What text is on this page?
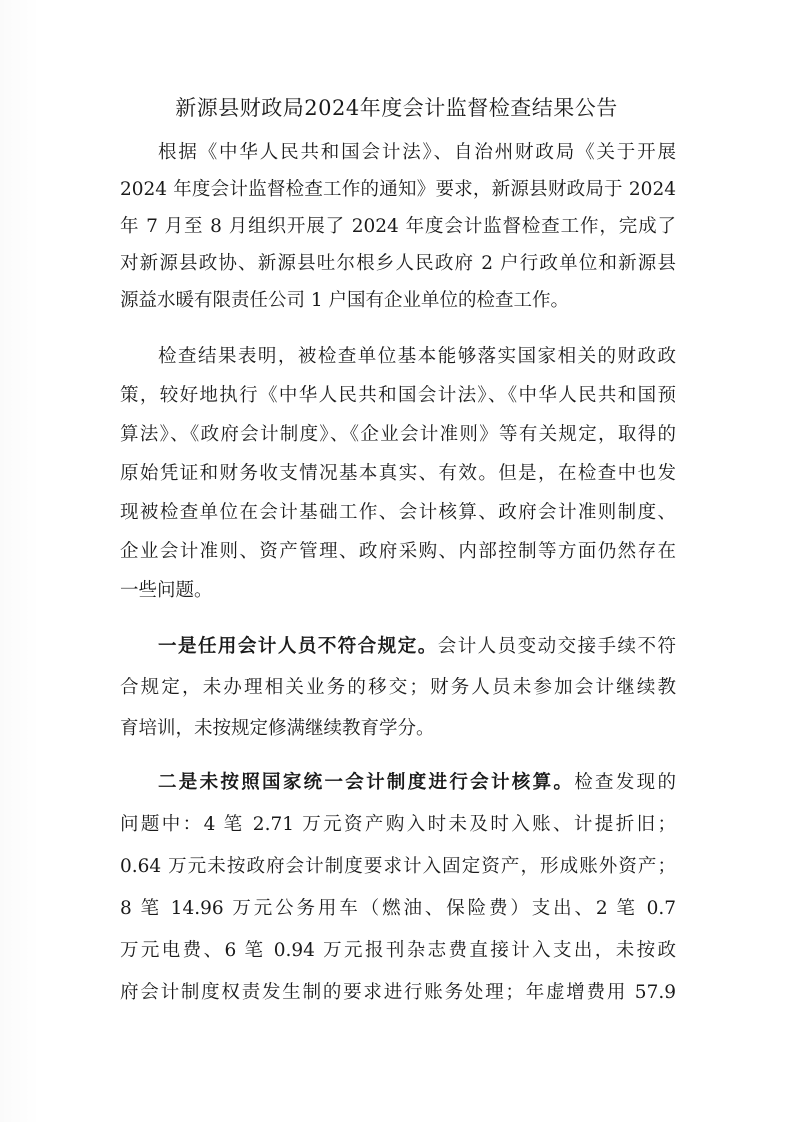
新源县财政局2024年度会计监督检查结果公告
根据《中华人民共和国会计法》、自治州财政局《关于开展
2024 年度会计监督检查工作的通知》要求，新源县财政局于 2024
年 7 月至 8 月组织开展了 2024 年度会计监督检查工作，完成了
对新源县政协、新源县吐尔根乡人民政府 2 户行政单位和新源县
源益水暖有限责任公司 1 户国有企业单位的检查工作。
检查结果表明，被检查单位基本能够落实国家相关的财政政
策，较好地执行《中华人民共和国会计法》、《中华人民共和国预
算法》、《政府会计制度》、《企业会计准则》等有关规定，取得的
原始凭证和财务收支情况基本真实、有效。但是，在检查中也发
现被检查单位在会计基础工作、会计核算、政府会计准则制度、
企业会计准则、资产管理、政府采购、内部控制等方面仍然存在
一些问题。
一是任用会计人员不符合规定。会计人员变动交接手续不符
合规定，未办理相关业务的移交；财务人员未参加会计继续教
育培训，未按规定修满继续教育学分。
二是未按照国家统一会计制度进行会计核算。检查发现的
问题中：4 笔 2.71 万元资产购入时未及时入账、计提折旧；
0.64 万元未按政府会计制度要求计入固定资产，形成账外资产；
8 笔 14.96 万元公务用车（燃油、保险费）支出、2 笔 0.7
万元电费、6 笔 0.94 万元报刊杂志费直接计入支出，未按政
府会计制度权责发生制的要求进行账务处理；年虚增费用 57.9
